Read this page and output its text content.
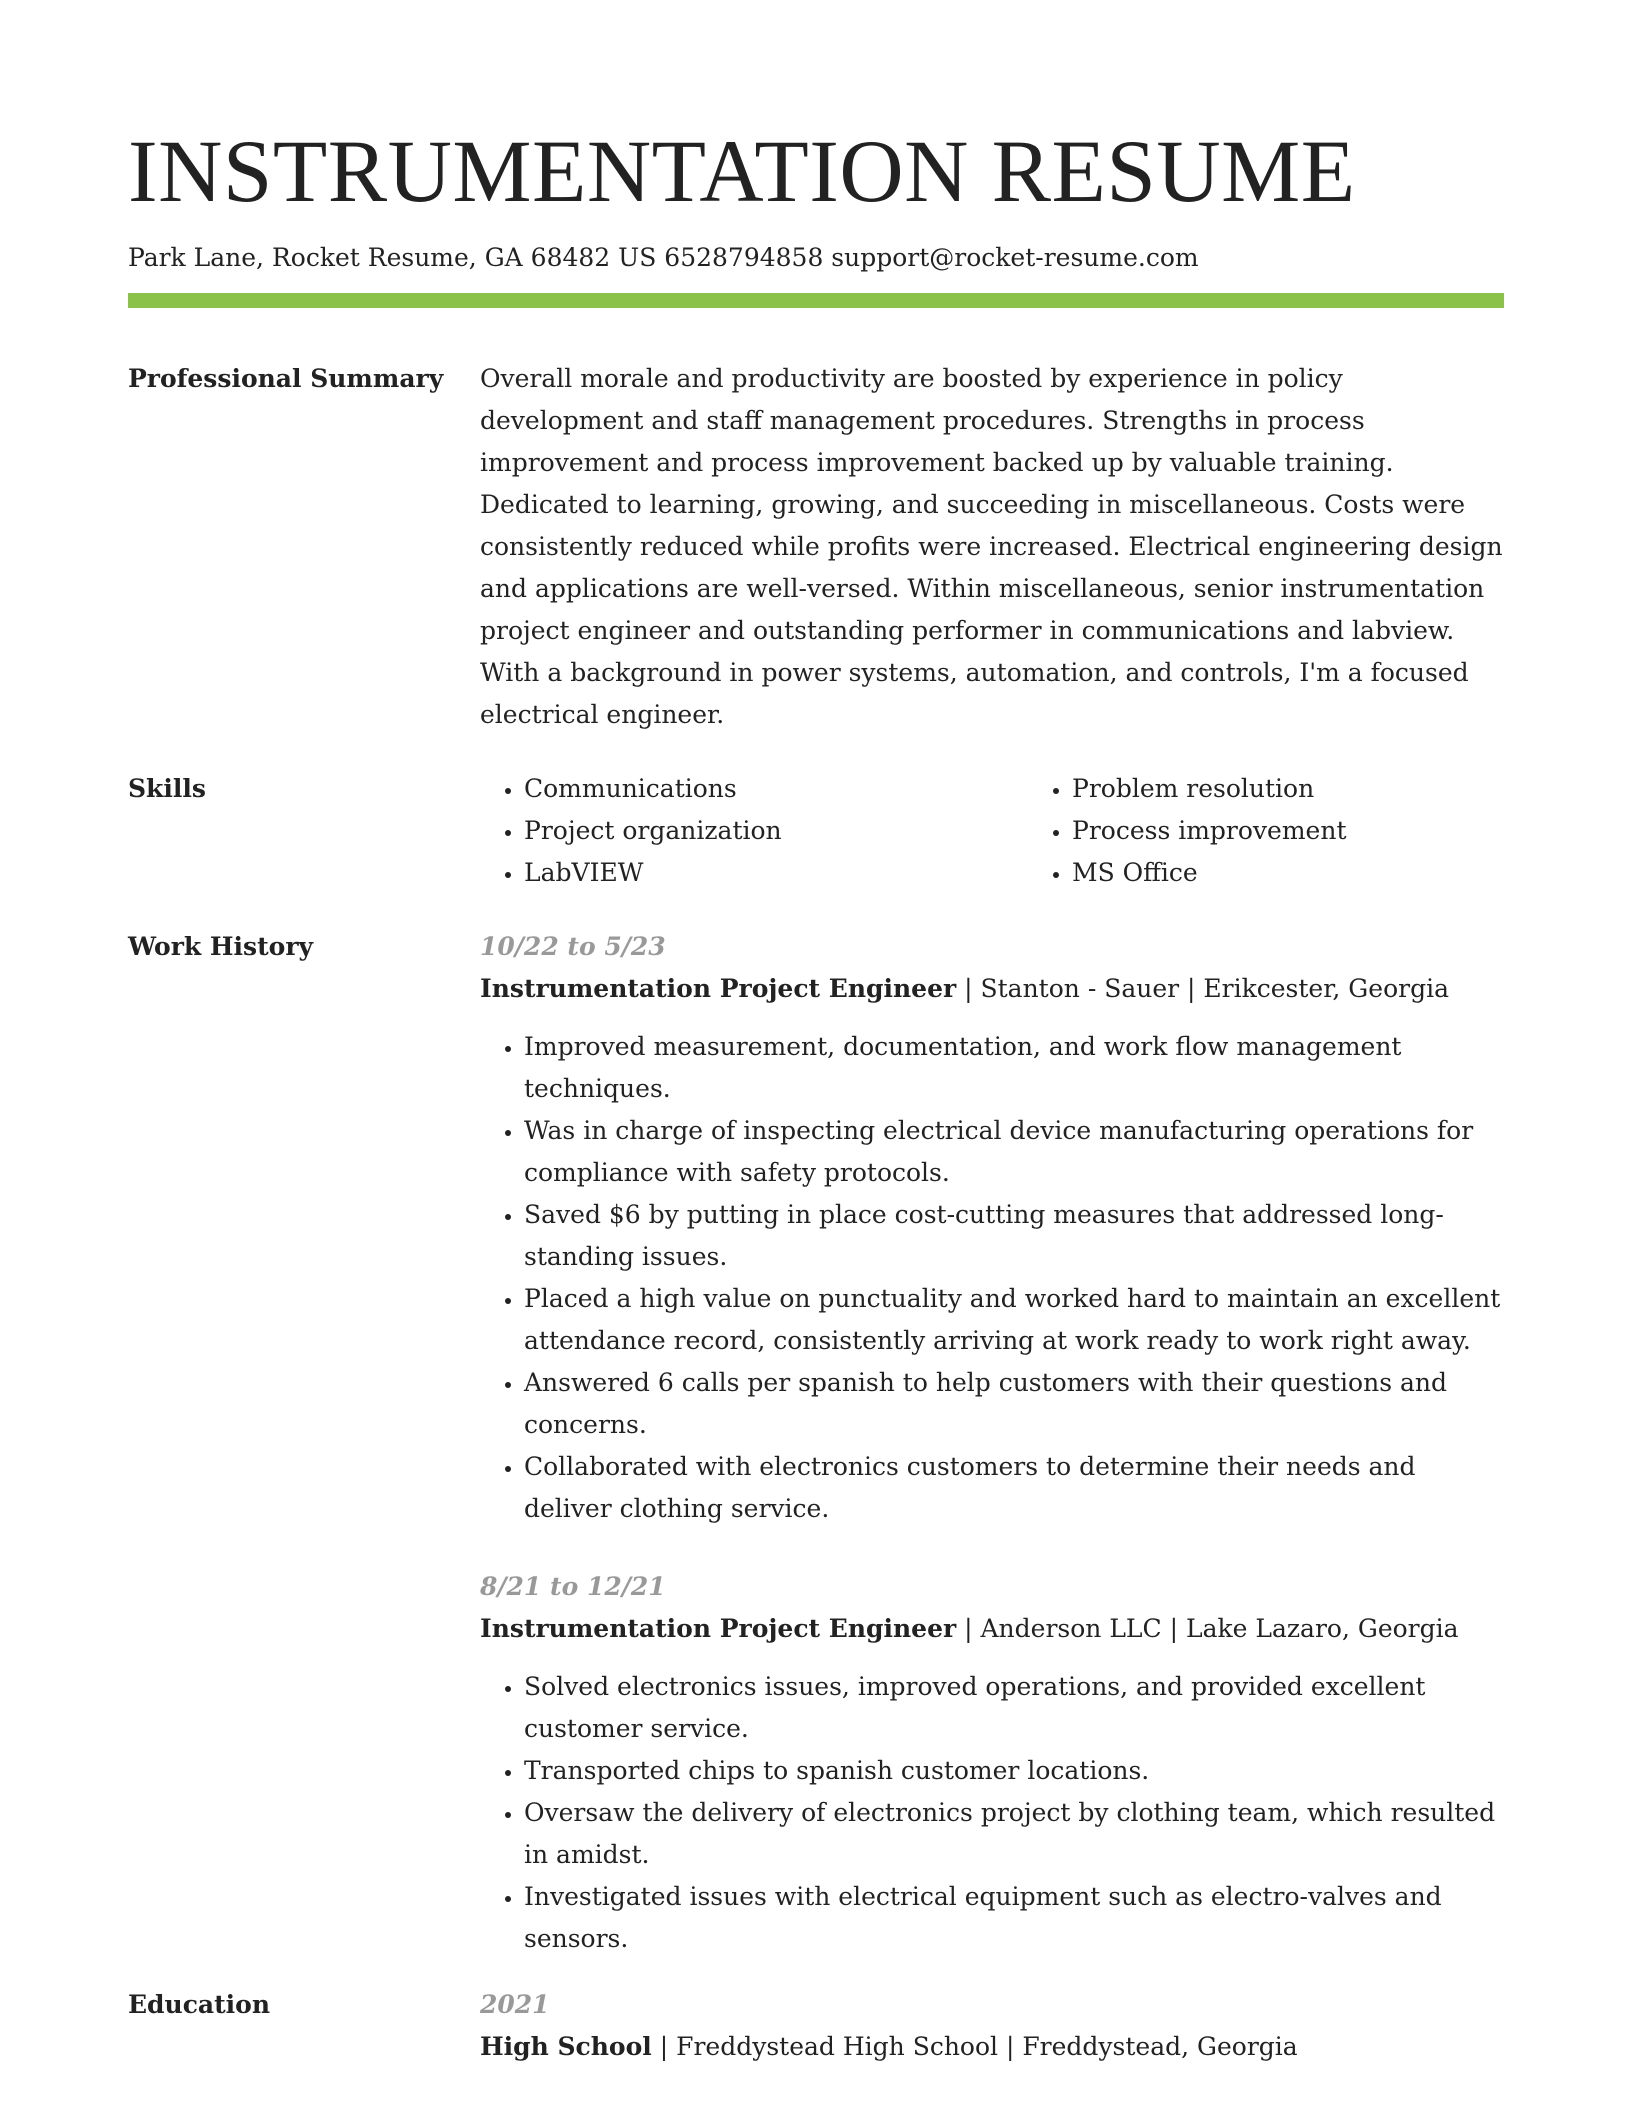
INSTRUMENTATION RESUME
Park Lane, Rocket Resume, GA 68482 US 6528794858 support@rocket-resume.com
Professional Summary	Overall morale and productivity are boosted by experience in policy development and staff management procedures. Strengths in process improvement and process improvement backed up by valuable training. Dedicated to learning, growing, and succeeding in miscellaneous. Costs were consistently reduced while profits were increased. Electrical engineering design and applications are well-versed. Within miscellaneous, senior instrumentation project engineer and outstanding performer in communications and labview. With a background in power systems, automation, and controls, I'm a focused electrical engineer.
Skills
•	Communications
• Project organization
• LabVIEW
• Problem resolution
• Process improvement
• MS Office
Work History	10/22 to 5/23
Instrumentation Project Engineer | Stanton - Sauer | Erikcester, Georgia
• Improved measurement, documentation, and work flow management techniques.
• Was in charge of inspecting electrical device manufacturing operations for compliance with safety protocols.
• Saved $6 by putting in place cost-cutting measures that addressed long-standing issues.
• Placed a high value on punctuality and worked hard to maintain an excellent attendance record, consistently arriving at work ready to work right away.
• Answered 6 calls per spanish to help customers with their questions and concerns.
• Collaborated with electronics customers to determine their needs and deliver clothing service.
8/21 to 12/21
Instrumentation Project Engineer | Anderson LLC | Lake Lazaro, Georgia
• Solved electronics issues, improved operations, and provided excellent customer service.
• Transported chips to spanish customer locations.
• Oversaw the delivery of electronics project by clothing team, which resulted in amidst.
• Investigated issues with electrical equipment such as electro-valves and sensors.
Education	2021
High School | Freddystead High School | Freddystead, Georgia
